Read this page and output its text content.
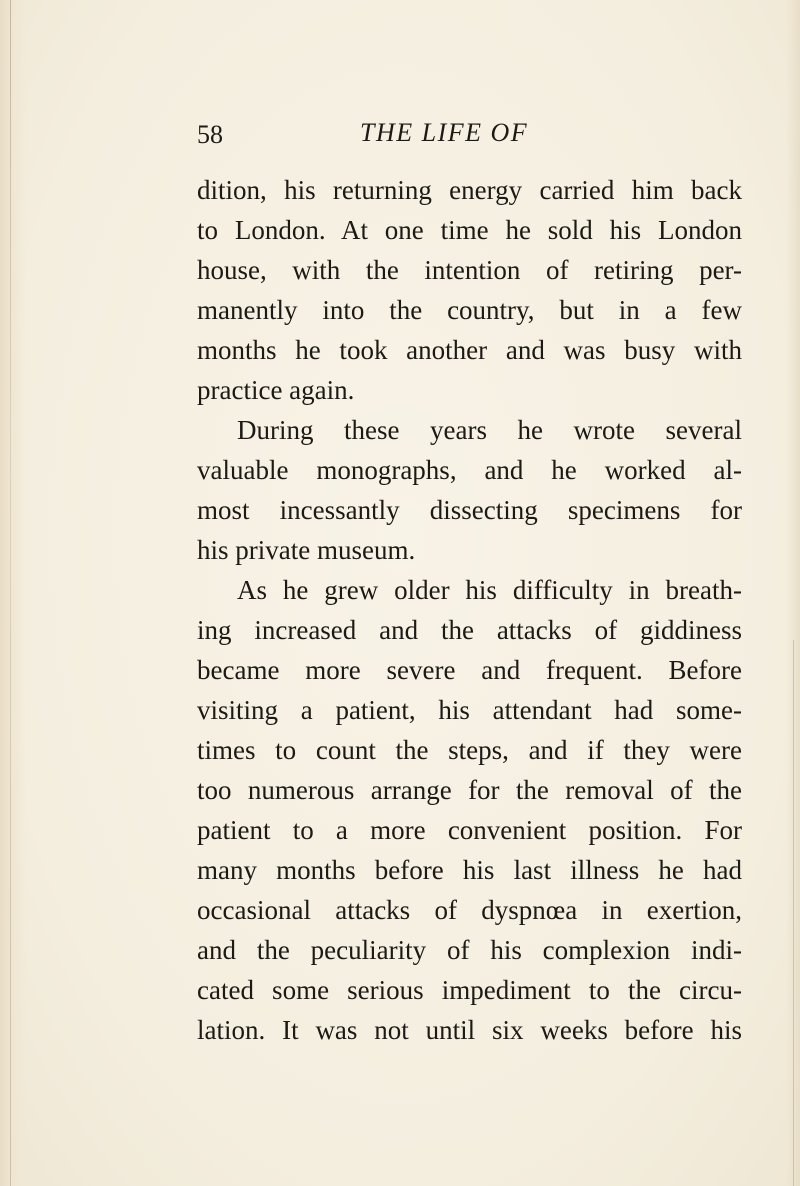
58	THE LIFE OF
dition, his returning energy carried him back
to London. At one time he sold his London
house, with the intention of retiring per-
manently into the country, but in a few
months he took another and was busy with
practice again.
During these years he wrote several
valuable monographs, and he worked al-
most incessantly dissecting specimens for
his private museum.
As he grew older his difficulty in breath-
ing increased and the attacks of giddiness
became more severe and frequent. Before
visiting a patient, his attendant had some-
times to count the steps, and if they were
too numerous arrange for the removal of the
patient to a more convenient position. For
many months before his last illness he had
occasional attacks of dyspnœa in exertion,
and the peculiarity of his complexion indi-
cated some serious impediment to the circu-
lation. It was not until six weeks before his
